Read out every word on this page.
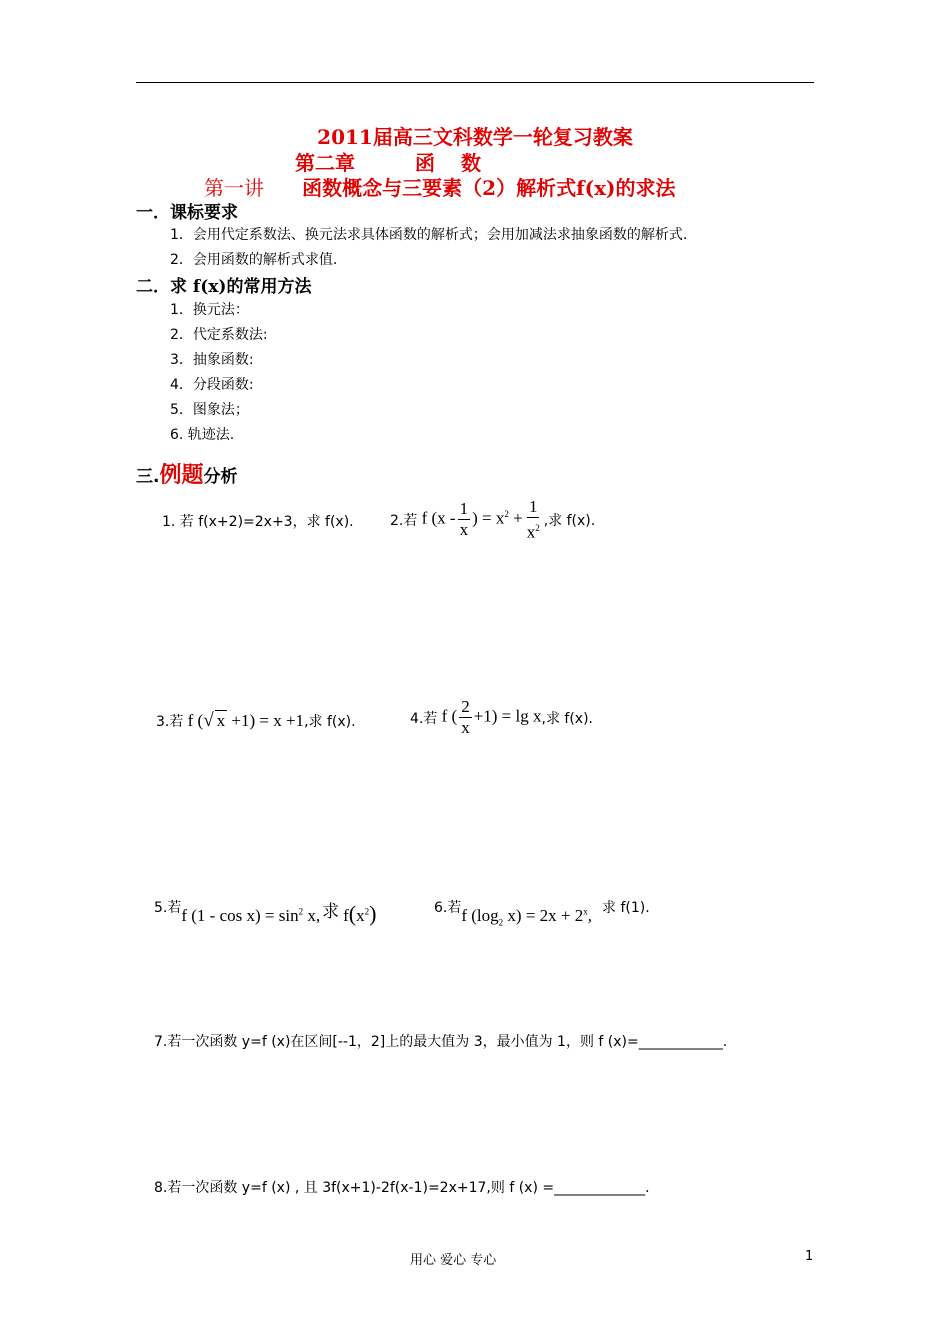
2011届高三文科数学一轮复习教案
第二章	函 数
第一讲 函数概念与三要素（2）解析式f(x)的求法
一．课标要求
1．会用代定系数法、换元法求具体函数的解析式；会用加减法求抽象函数的解析式.
2．会用函数的解析式求值.
二．求 f(x)的常用方法
1．换元法：
2．代定系数法:
3．抽象函数:
4．分段函数:
5．图象法；
6. 轨迹法.
三.例题分析
1. 若 f(x+2)=2x+3，求 f(x).	2.若 f ($x - \frac{1}{x}$ ) = $x^2 + \frac{1}{x^2}$ ,求 f(x).
3.若 f (√ x +1) = x +1 ,求 f(x).	4.若 f ( $\frac{2}{x} +1) = \lg x$ ,求 f(x).
5.若 f $(1 - \cos x) = \sin^2 x$, 求 $f(x^2)$	6.若 f ($\log_2$ $x) = 2x + 2^x$, 求 f(1).
7.若一次函数 y=f (x)在区间[--1，2]上的最大值为 3，最小值为 1，则 f (x)=____________.
8.若一次函数 y=f (x) , 且 3f(x+1)-2f(x-1)=2x+17,则 f (x) =_____________.
用心 爱心 专心	1
